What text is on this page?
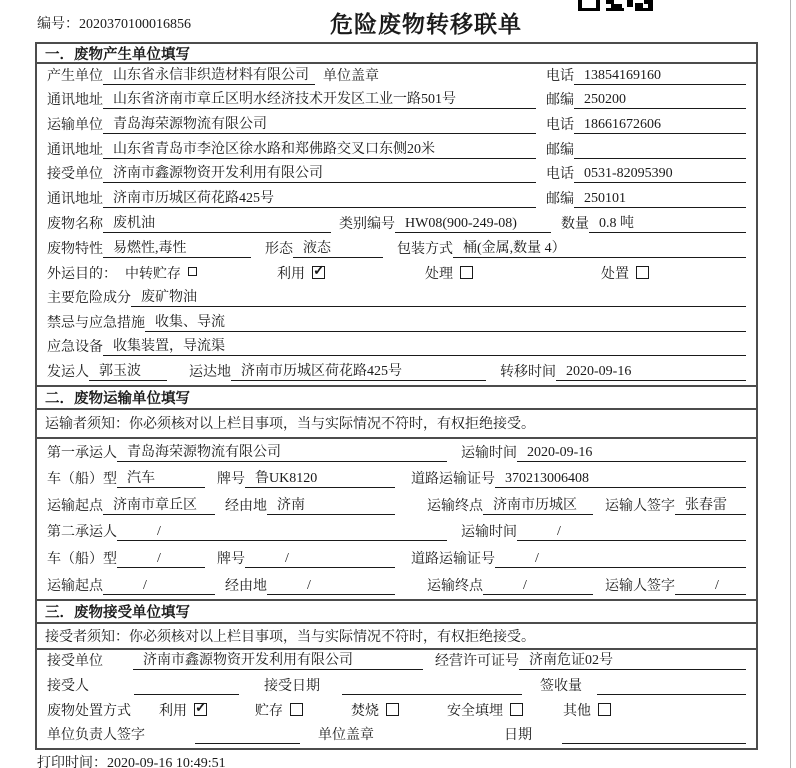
编号：2020370100016856	危险废物转移联单
一．废物产生单位填写
产生单位 山东省永信非织造材料有限公司	单位盖章	电话 13854169160
通讯地址 山东省济南市章丘区明水经济技术开发区工业一路501号	邮编 250200
运输单位 青岛海荣源物流有限公司	电话 18661672606
通讯地址 山东省青岛市李沧区徐水路和郑佛路交叉口东侧20米	邮编
接受单位 济南市鑫源物资开发利用有限公司	电话 0531-82095390
通讯地址 济南市历城区荷花路425号	邮编 250101
废物名称 废机油	类别编号 HW08(900-249-08)	数量 0.8 吨
废物特性 易燃性,毒性	形态 液态	包装方式 桶(金属,数量 4）
外运目的： 中转贮存	利用 ✓	处理	处置
主要危险成分 废矿物油
禁忌与应急措施 收集、导流
应急设备 收集装置，导流渠
发运人 郭玉波	运达地 济南市历城区荷花路425号	转移时间 2020-09-16
二．废物运输单位填写
运输者须知：你必须核对以上栏目事项，当与实际情况不符时，有权拒绝接受。
第一承运人 青岛海荣源物流有限公司	运输时间 2020-09-16
车（船）型 汽车	牌号 鲁UK8120	道路运输证号 370213006408
运输起点 济南市章丘区	经由地 济南	运输终点 济南市历城区	运输人签字 张春雷
第二承运人	/	运输时间	/
车（船）型	/	牌号	/	道路运输证号	/
运输起点	/	经由地	/	运输终点	/	运输人签字	/
三．废物接受单位填写
接受者须知：你必须核对以上栏目事项，当与实际情况不符时，有权拒绝接受。
接受单位	济南市鑫源物资开发利用有限公司	经营许可证号 济南危证02号
接受人	接受日期	签收量
废物处置方式 利用 ✓	贮存	焚烧	安全填埋	其他
单位负责人签字	单位盖章	日期
打印时间：2020-09-16 10:49:51
